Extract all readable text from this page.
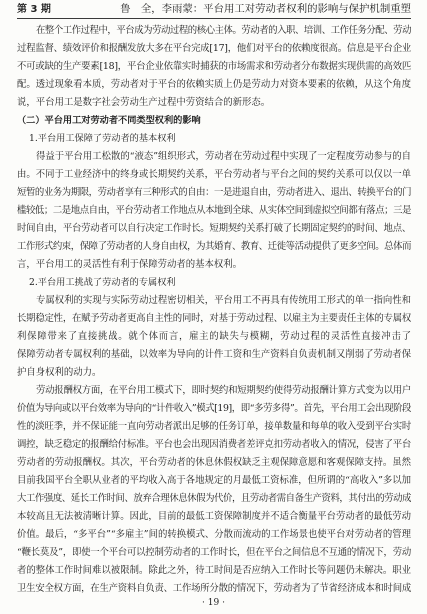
第 3 期	鲁　全，李雨蒙：平台用工对劳动者权利的影响与保护机制重塑
在整个工作过程中，平台成为劳动过程的核心主体。劳动者的入职、培训、工作任务分配、劳动
过程监督、绩效评价和报酬发放大多在平台完成[17]，他们对平台的依赖度很高。信息是平台企业
不可或缺的生产要素[18]，平台企业依靠实时捕获的市场需求和劳动者分布数据实现供需的高效匹
配。透过现象看本质，劳动者对于平台的依赖实质上仍是劳动力对资本要素的依赖，从这个角度
说，平台用工是数字社会劳动生产过程中劳资结合的新形态。
（二）平台用工对劳动者不同类型权利的影响
1.平台用工保障了劳动者的基本权利
得益于平台用工松散的“液态”组织形式，劳动者在劳动过程中实现了一定程度劳动参与的自
由。不同于工业经济中的终身或长期契约关系，平台劳动者与平台之间的契约关系可以仅以一单
短暂的业务为期限，劳动者享有三种形式的自由：一是进退自由，劳动者进入、退出、转换平台的门
槛较低；二是地点自由，平台劳动者工作地点从本地到全球、从实体空间到虚拟空间都有落点；三是
时间自由，平台劳动者可以自行决定工作时长。短期契约关系打破了长期固定契约的时间、地点、
工作形式约束，保障了劳动者的人身自由权，为其婚育、教育、迁徙等活动提供了更多空间。总体而
言，平台用工的灵活性有利于保障劳动者的基本权利。
2.平台用工挑战了劳动者的专属权利
专属权利的实现与实际劳动过程密切相关，平台用工不再具有传统用工形式的单一指向性和
长期稳定性，在赋予劳动者更高自主性的同时，对基于劳动过程、以雇主为主要责任主体的专属权
利保障带来了直接挑战。就个体而言，雇主的缺失与模糊，劳动过程的灵活性直接冲击了
保障劳动者专属权利的基础，以效率为导向的计件工资和生产资料自负责机制又削弱了劳动者保
护自身权利的动力。
劳动报酬权方面，在平台用工模式下，即时契约和短期契约使得劳动报酬计算方式变为以用户
价值为导向或以平台效率为导向的“计件收入”模式[19]，即“多劳多得”。首先，平台用工会出现阶段
性的淡旺季，并不保证能一直向劳动者派出足够的任务订单，接单数量和每单的收入受到平台实时
调控，缺乏稳定的报酬给付标准。平台也会出现因消费者差评克扣劳动者收入的情况，侵害了平台
劳动者的劳动报酬权。其次，平台劳动者的休息休假权缺乏主观保障意愿和客观保障支持。虽然
目前我国平台全职从业者的平均收入高于各地规定的月最低工资标准，但所谓的“高收入”多以加
大工作强度、延长工作时间、放弃合理休息休假为代价，且劳动者需自备生产资料，其付出的劳动成
本较高且无法被清晰计算。因此，目前的最低工资保障制度并不适合衡量平台劳动者的最低劳动
价值。最后，“多平台”“多雇主”间的转换模式、分散而流动的工作场景也使平台对劳动者的管理
“鞭长莫及”，即使一个平台可以控制劳动者的工作时长，但在平台之间信息不互通的情况下，劳动
者的整体工作时间难以被限制。除此之外，待工时间是否应纳入工作时长等问题仍未解决。职业
卫生安全权方面，在生产资料自负责、工作场所分散的情况下，劳动者为了节省经济成本和时间成
· 19 ·
